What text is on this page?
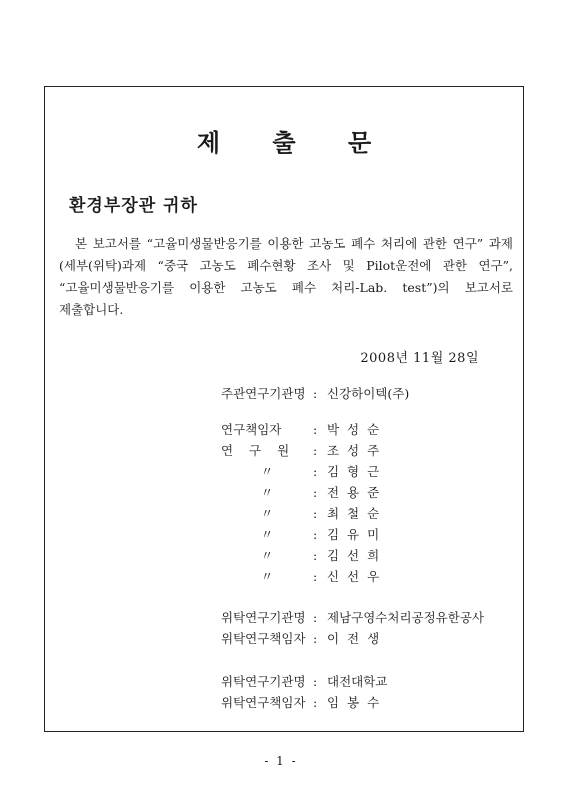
제 출 문
환경부장관 귀하
본 보고서를 “고율미생물반응기를 이용한 고농도 폐수 처리에 관한 연구” 과제 (세부(위탁)과제 “중국 고농도 폐수현황 조사 및 Pilot운전에 관한 연구”, “고율미생물반응기를 이용한 고농도 폐수 처리-Lab. test”)의 보고서로 제출합니다.
2008년 11월 28일
주관연구기관명 : 신강하이텍(주)
연구책임자	: 박 성 순
연 구 원	: 조 성 주
〃	: 김 형 근
〃	: 전 용 준
〃	: 최 철 순
〃	: 김 유 미
〃	: 김 선 희
〃	: 신 선 우
위탁연구기관명 : 제남구영수처리공정유한공사
위탁연구책임자 : 이 전 생
위탁연구기관명 : 대전대학교
위탁연구책임자 : 임 봉 수
- 1 -
